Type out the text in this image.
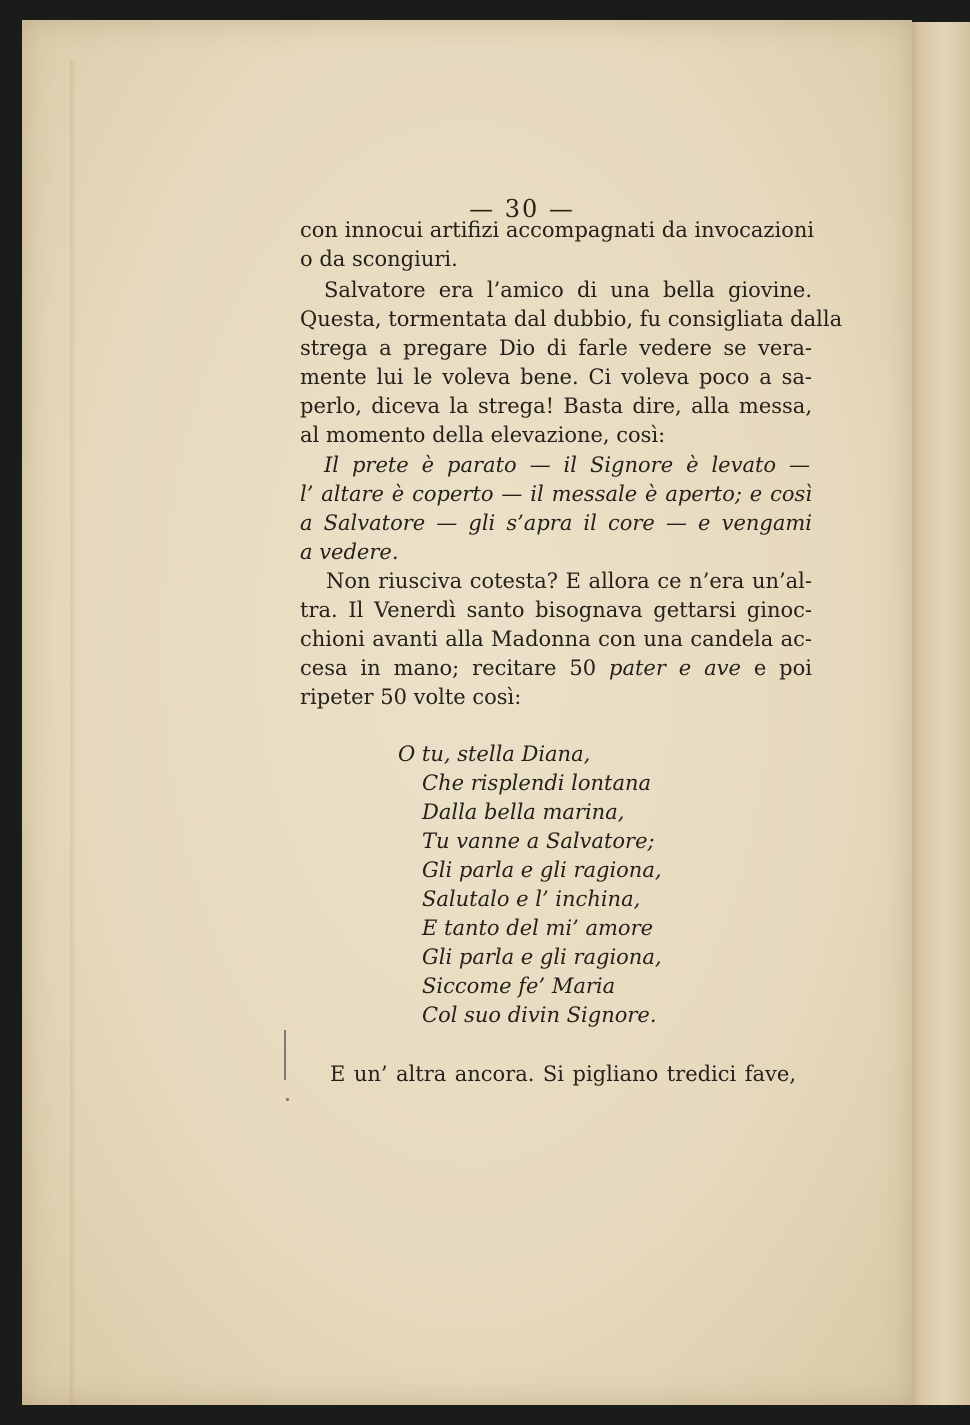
— 30 —
con innocui artifizi accompagnati da invocazioni
o da scongiuri.
Salvatore era l’amico di una bella giovine.
Questa, tormentata dal dubbio, fu consigliata dalla
strega a pregare Dio di farle vedere se vera-
mente lui le voleva bene. Ci voleva poco a sa-
perlo, diceva la strega! Basta dire, alla messa,
al momento della elevazione, così:
Il prete è parato — il Signore è levato —
l’ altare è coperto — il messale è aperto; e così
a Salvatore — gli s’apra il core — e vengami
a vedere.
Non riusciva cotesta? E allora ce n’era un’al-
tra. Il Venerdì santo bisognava gettarsi ginoc-
chioni avanti alla Madonna con una candela ac-
cesa in mano; recitare 50 pater e ave e poi
ripeter 50 volte così:
O tu, stella Diana,
Che risplendi lontana
Dalla bella marina,
Tu vanne a Salvatore;
Gli parla e gli ragiona,
Salutalo e l’ inchina,
E tanto del mi’ amore
Gli parla e gli ragiona,
Siccome fe’ Maria
Col suo divin Signore.
E un’ altra ancora. Si pigliano tredici fave,
